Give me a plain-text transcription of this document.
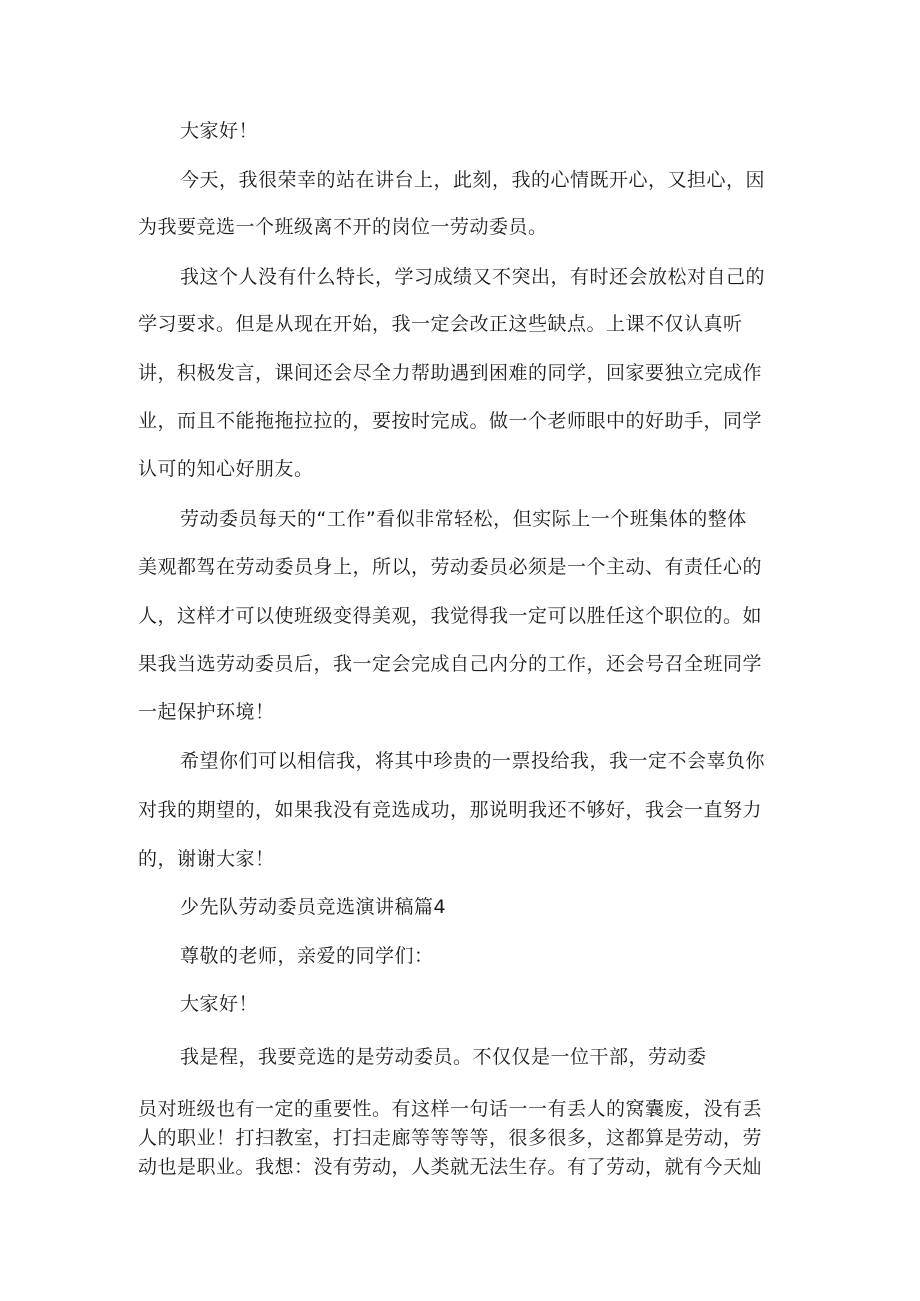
大家好！
今天，我很荣幸的站在讲台上，此刻，我的心情既开心，又担心，因
为我要竞选一个班级离不开的岗位一劳动委员。
我这个人没有什么特长，学习成绩又不突出，有时还会放松对自己的
学习要求。但是从现在开始，我一定会改正这些缺点。上课不仅认真听
讲，积极发言，课间还会尽全力帮助遇到困难的同学，回家要独立完成作
业，而且不能拖拖拉拉的，要按时完成。做一个老师眼中的好助手，同学
认可的知心好朋友。
劳动委员每天的“工作”看似非常轻松，但实际上一个班集体的整体
美观都驾在劳动委员身上，所以，劳动委员必须是一个主动、有责任心的
人，这样才可以使班级变得美观，我觉得我一定可以胜任这个职位的。如
果我当选劳动委员后，我一定会完成自己内分的工作，还会号召全班同学
一起保护环境！
希望你们可以相信我，将其中珍贵的一票投给我，我一定不会辜负你
对我的期望的，如果我没有竞选成功，那说明我还不够好，我会一直努力
的，谢谢大家！
少先队劳动委员竞选演讲稿篇4
尊敬的老师，亲爱的同学们：
大家好！
我是程，我要竞选的是劳动委员。不仅仅是一位干部，劳动委
员对班级也有一定的重要性。有这样一句话一一有丢人的窝囊废，没有丢
人的职业！打扫教室，打扫走廊等等等等，很多很多，这都算是劳动，劳
动也是职业。我想：没有劳动，人类就无法生存。有了劳动，就有今天灿
